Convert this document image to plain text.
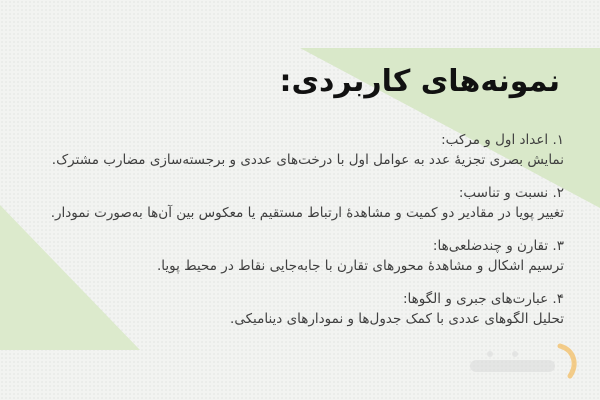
نمونه‌های کاربردی:
۱. اعداد اول و مرکب:
نمایش بصری تجزیهٔ عدد به عوامل اول با درخت‌های عددی و برجسته‌سازی مضارب مشترک.
۲. نسبت و تناسب:
تغییر پویا در مقادیر دو کمیت و مشاهدهٔ ارتباط مستقیم یا معکوس بین آن‌ها به‌صورت نمودار.
۳. تقارن و چندضلعی‌ها:
ترسیم اشکال و مشاهدهٔ محورهای تقارن با جابه‌جایی نقاط در محیط پویا.
۴. عبارت‌های جبری و الگوها:
تحلیل الگوهای عددی با کمک جدول‌ها و نمودارهای دینامیکی.
